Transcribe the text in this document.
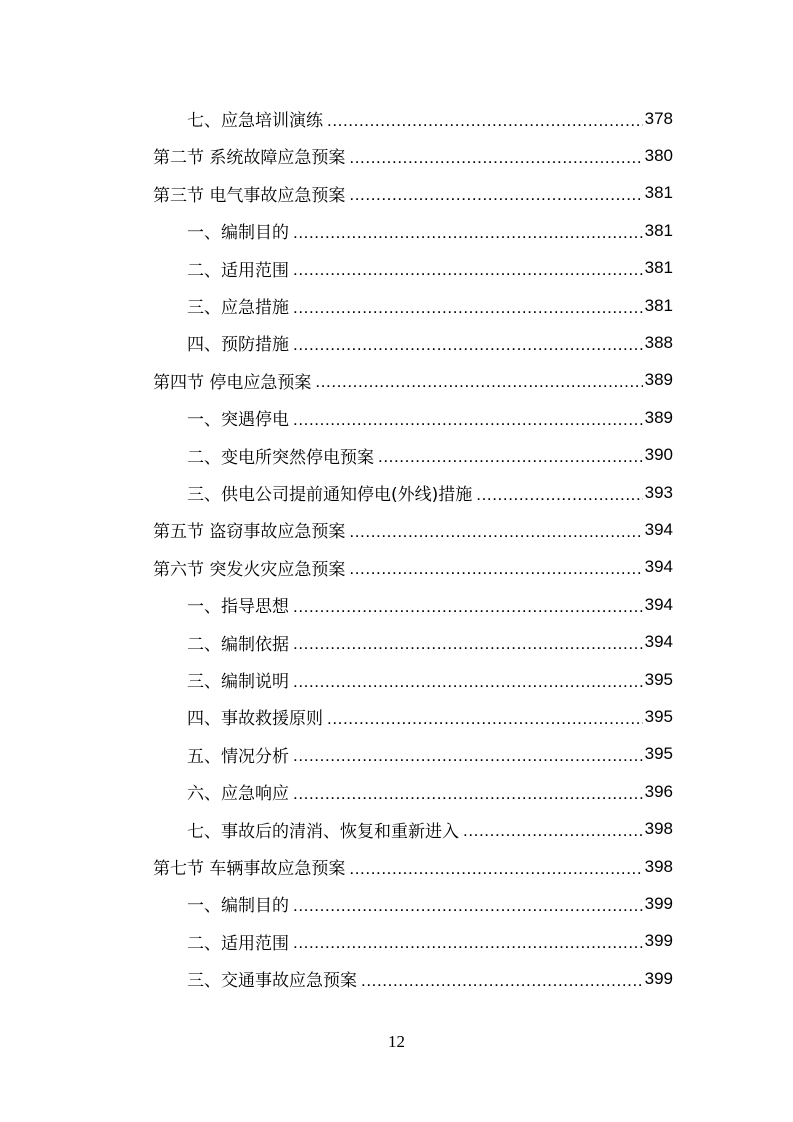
七、应急培训演练 .....	378
第二节 系统故障应急预案 .....	380
第三节 电气事故应急预案 .....	381
一、编制目的 .....	381
二、适用范围 .....	381
三、应急措施 .....	381
四、预防措施 .....	388
第四节 停电应急预案 .....	389
一、突遇停电 .....	389
二、变电所突然停电预案 .....	390
三、供电公司提前通知停电(外线)措施 .....	393
第五节 盗窃事故应急预案 .....	394
第六节 突发火灾应急预案 .....	394
一、指导思想 .....	394
二、编制依据 .....	394
三、编制说明 .....	395
四、事故救援原则 .....	395
五、情况分析 .....	395
六、应急响应 .....	396
七、事故后的清消、恢复和重新进入 .....	398
第七节 车辆事故应急预案 .....	398
一、编制目的 .....	399
二、适用范围 .....	399
三、交通事故应急预案 .....	399
12
